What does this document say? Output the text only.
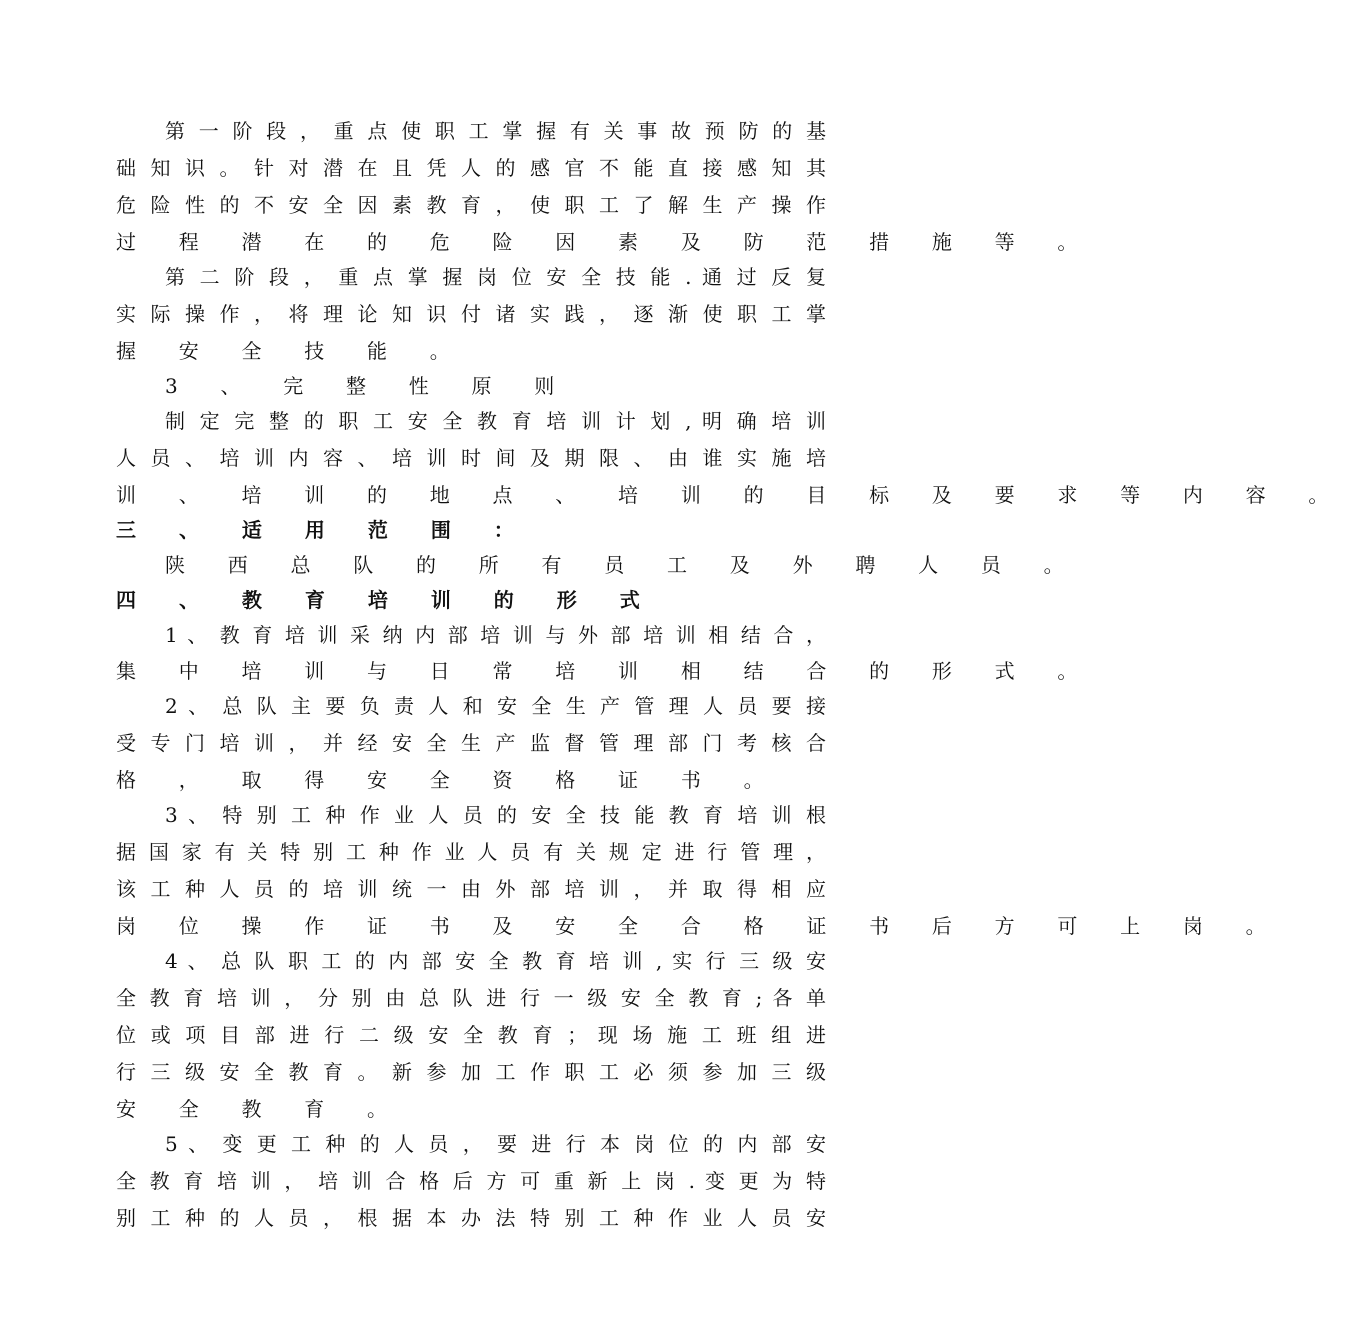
第 一 阶 段 ， 重 点 使 职 工 掌 握 有 关 事 故 预 防 的 基
础 知 识 。 针 对 潜 在 且 凭 人 的 感 官 不 能 直 接 感 知 其
危 险 性 的 不 安 全 因 素 教 育 ， 使 职 工 了 解 生 产 操 作
过 程 潜 在 的 危 险 因 素 及 防 范 措 施 等 。
第 二 阶 段 ， 重 点 掌 握 岗 位 安 全 技 能 . 通 过 反 复
实 际 操 作 ， 将 理 论 知 识 付 诸 实 践 ， 逐 渐 使 职 工 掌
握 安 全 技 能 。
3 、 完 整 性 原 则
制 定 完 整 的 职 工 安 全 教 育 培 训 计 划 , 明 确 培 训
人 员 、 培 训 内 容 、 培 训 时 间 及 期 限 、 由 谁 实 施 培
训 、 培 训 的 地 点 、 培 训 的 目 标 及 要 求 等 内 容 。
三 、 适 用 范 围 ：
陕 西 总 队 的 所 有 员 工 及 外 聘 人 员 。
四 、 教 育 培 训 的 形 式
1 、 教 育 培 训 采 纳 内 部 培 训 与 外 部 培 训 相 结 合 ，
集 中 培 训 与 日 常 培 训 相 结 合 的 形 式 。
2 、 总 队 主 要 负 责 人 和 安 全 生 产 管 理 人 员 要 接
受 专 门 培 训 ， 并 经 安 全 生 产 监 督 管 理 部 门 考 核 合
格 ， 取 得 安 全 资 格 证 书 。
3 、 特 别 工 种 作 业 人 员 的 安 全 技 能 教 育 培 训 根
据 国 家 有 关 特 别 工 种 作 业 人 员 有 关 规 定 进 行 管 理 ，
该 工 种 人 员 的 培 训 统 一 由 外 部 培 训 ， 并 取 得 相 应
岗 位 操 作 证 书 及 安 全 合 格 证 书 后 方 可 上 岗 。
4 、 总 队 职 工 的 内 部 安 全 教 育 培 训 , 实 行 三 级 安
全 教 育 培 训 ， 分 别 由 总 队 进 行 一 级 安 全 教 育 ; 各 单
位 或 项 目 部 进 行 二 级 安 全 教 育 ； 现 场 施 工 班 组 进
行 三 级 安 全 教 育 。 新 参 加 工 作 职 工 必 须 参 加 三 级
安 全 教 育 。
5 、 变 更 工 种 的 人 员 ， 要 进 行 本 岗 位 的 内 部 安
全 教 育 培 训 ， 培 训 合 格 后 方 可 重 新 上 岗 . 变 更 为 特
别 工 种 的 人 员 ， 根 据 本 办 法 特 别 工 种 作 业 人 员 安
